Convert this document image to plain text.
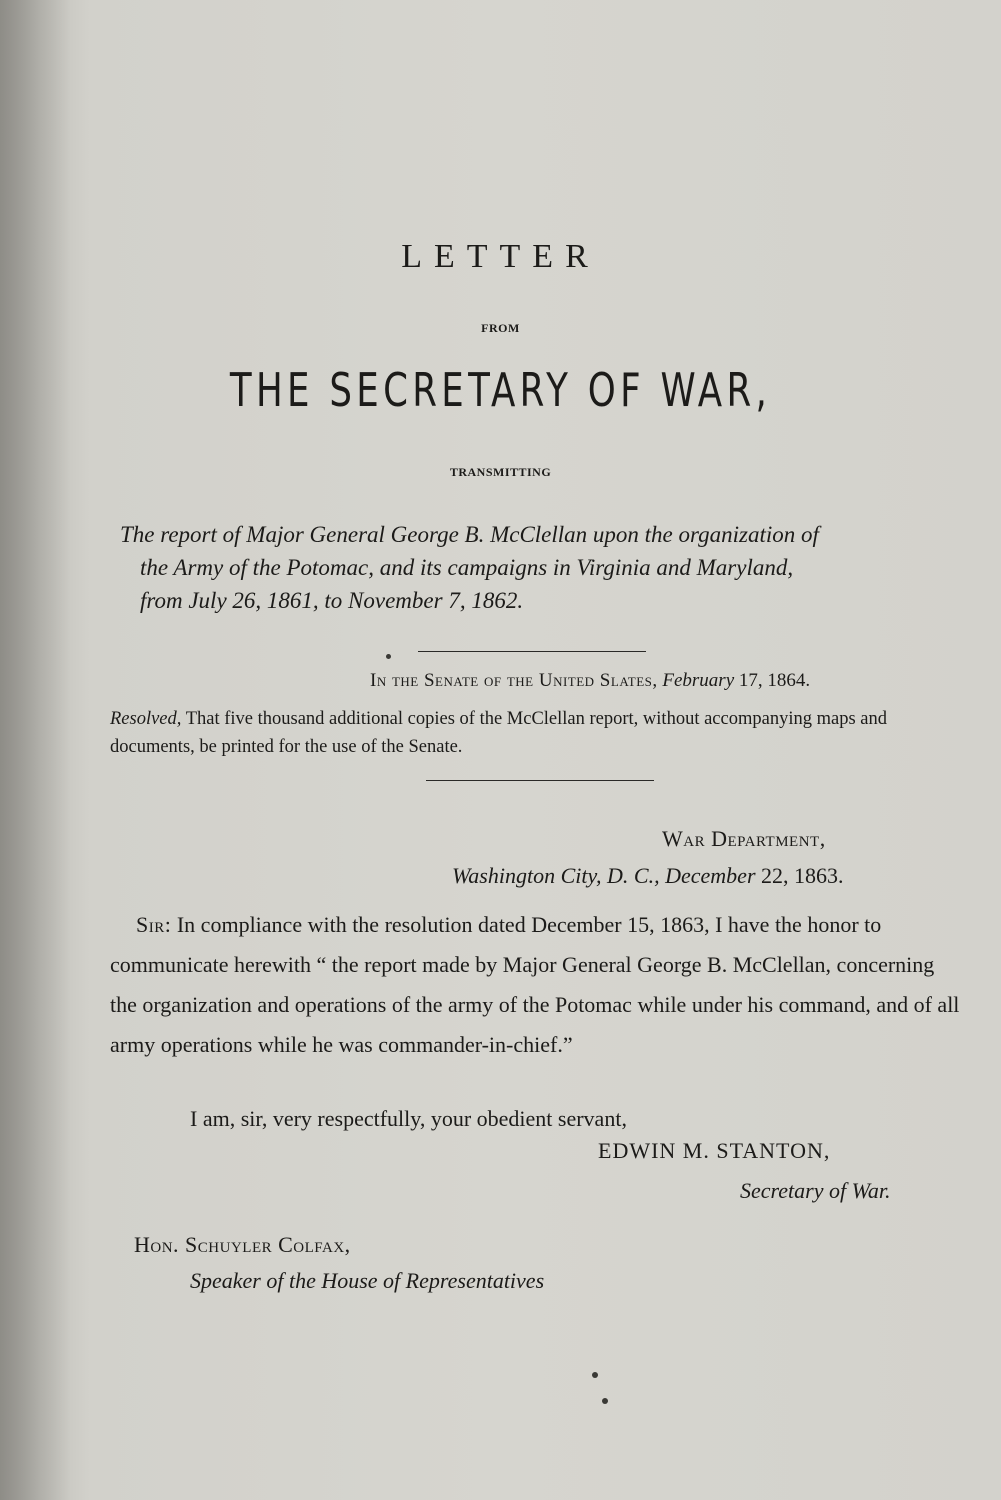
LETTER
FROM
THE SECRETARY OF WAR,
TRANSMITTING
The report of Major General George B. McClellan upon the organization of
the Army of the Potomac, and its campaigns in Virginia and Maryland,
from July 26, 1861, to November 7, 1862.
In the Senate of the United Slates, February 17, 1864.
Resolved, That five thousand additional copies of the McClellan report, without accompanying maps and documents, be printed for the use of the Senate.
War Department,
Washington City, D. C., December 22, 1863.
Sir: In compliance with the resolution dated December 15, 1863, I have the honor to communicate herewith “ the report made by Major General George B. McClellan, concerning the organization and operations of the army of the Potomac while under his command, and of all army operations while he was commander-in-chief.”
I am, sir, very respectfully, your obedient servant,
EDWIN M. STANTON,
Secretary of War.
Hon. Schuyler Colfax,
Speaker of the House of Representatives
